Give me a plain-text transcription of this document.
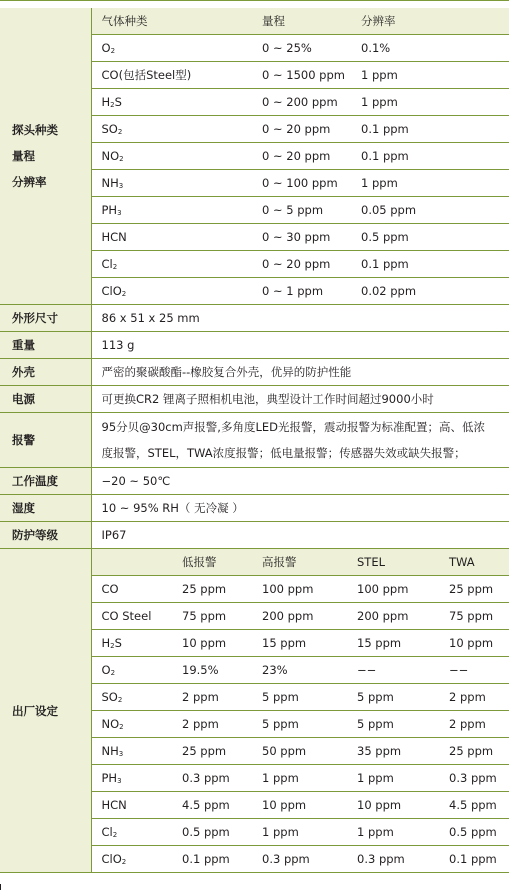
探头种类
量程
分辨率	气体种类		量程	分辨率
	$O_2$		0 ~ 25%	0.1%
	CO(包括Steel型)		0 ~ 1500 ppm	1 ppm
	$H_2S$		0 ~ 200 ppm	1 ppm
	$SO_2$		0 ~ 20 ppm	0.1 ppm
	$NO_2$		0 ~ 20 ppm	0.1 ppm
	$NH_3$		0 ~ 100 ppm	1 ppm
	$PH_3$		0 ~ 5 ppm	0.05 ppm
	HCN		0 ~ 30 ppm	0.5 ppm
	$Cl_2$		0 ~ 20 ppm	0.1 ppm
	ClO$_2$		0 ~ 1 ppm	0.02 ppm
外形尺寸	86 x 51 x 25 mm			
重量	113 g			
外壳	严密的聚碳酸酯--橡胶复合外壳，优异的防护性能			
电源	可更换CR2 锂离子照相机电池，典型设计工作时间超过9000小时			
报警	95分贝@30cm声报警,多角度LED光报警，震动报警为标准配置；高、低浓
度报警，STEL，TWA浓度报警；低电量报警；传感器失效或缺失报警；			

工作温度	−20 ~ 50℃			
湿度	10 ~ 95% RH（ 无冷凝 ）			
防护等级	IP67			
出厂设定		低报警	高报警	STEL TWA
	CO	25 ppm	100 ppm	100 ppm 25 ppm
	CO Steel	75 ppm	200 ppm	200 ppm 75 ppm
	$H_2S$	10 ppm	15 ppm	15 ppm 10 ppm
	$O_2$	19.5%	23%	−− −−
	$SO_2$	2 ppm	5 ppm	5 ppm 2 ppm
	$NO_2$	2 ppm	5 ppm	5 ppm 2 ppm
	$NH_3$	25 ppm	50 ppm	35 ppm 25 ppm
	$PH_3$	0.3 ppm	1 ppm	1 ppm 0.3 ppm
	HCN	4.5 ppm	10 ppm	10 ppm 4.5 ppm
	$Cl_2$	0.5 ppm	1 ppm	1 ppm 0.5 ppm
	ClO$_2$	0.1 ppm	0.3 ppm	0.3 ppm 0.1 ppm
